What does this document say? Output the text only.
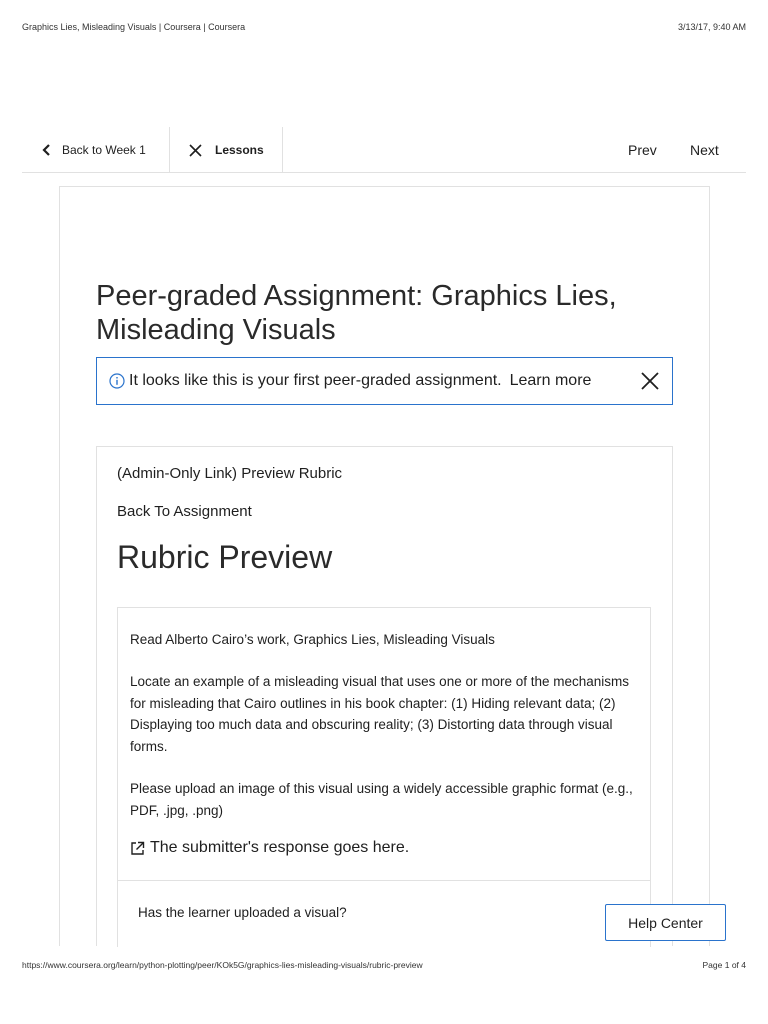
Graphics Lies, Misleading Visuals | Coursera | Coursera	3/13/17, 9:40 AM
Back to Week 1	Lessons	Prev Next
Peer-graded Assignment: Graphics Lies, Misleading Visuals
It looks like this is your first peer-graded assignment. Learn more
(Admin-Only Link) Preview Rubric
Back To Assignment
Rubric Preview

Read Alberto Cairo’s work, Graphics Lies, Misleading Visuals

Locate an example of a misleading visual that uses one or more of the mechanisms for misleading that Cairo outlines in his book chapter: (1) Hiding relevant data; (2) Displaying too much data and obscuring reality; (3) Distorting data through visual forms.

Please upload an image of this visual using a widely accessible graphic format (e.g., PDF, .jpg, .png)

The submitter's response goes here.
Has the learner uploaded a visual?
Help Center
https://www.coursera.org/learn/python-plotting/peer/KOk5G/graphics-lies-misleading-visuals/rubric-preview	Page 1 of 4
